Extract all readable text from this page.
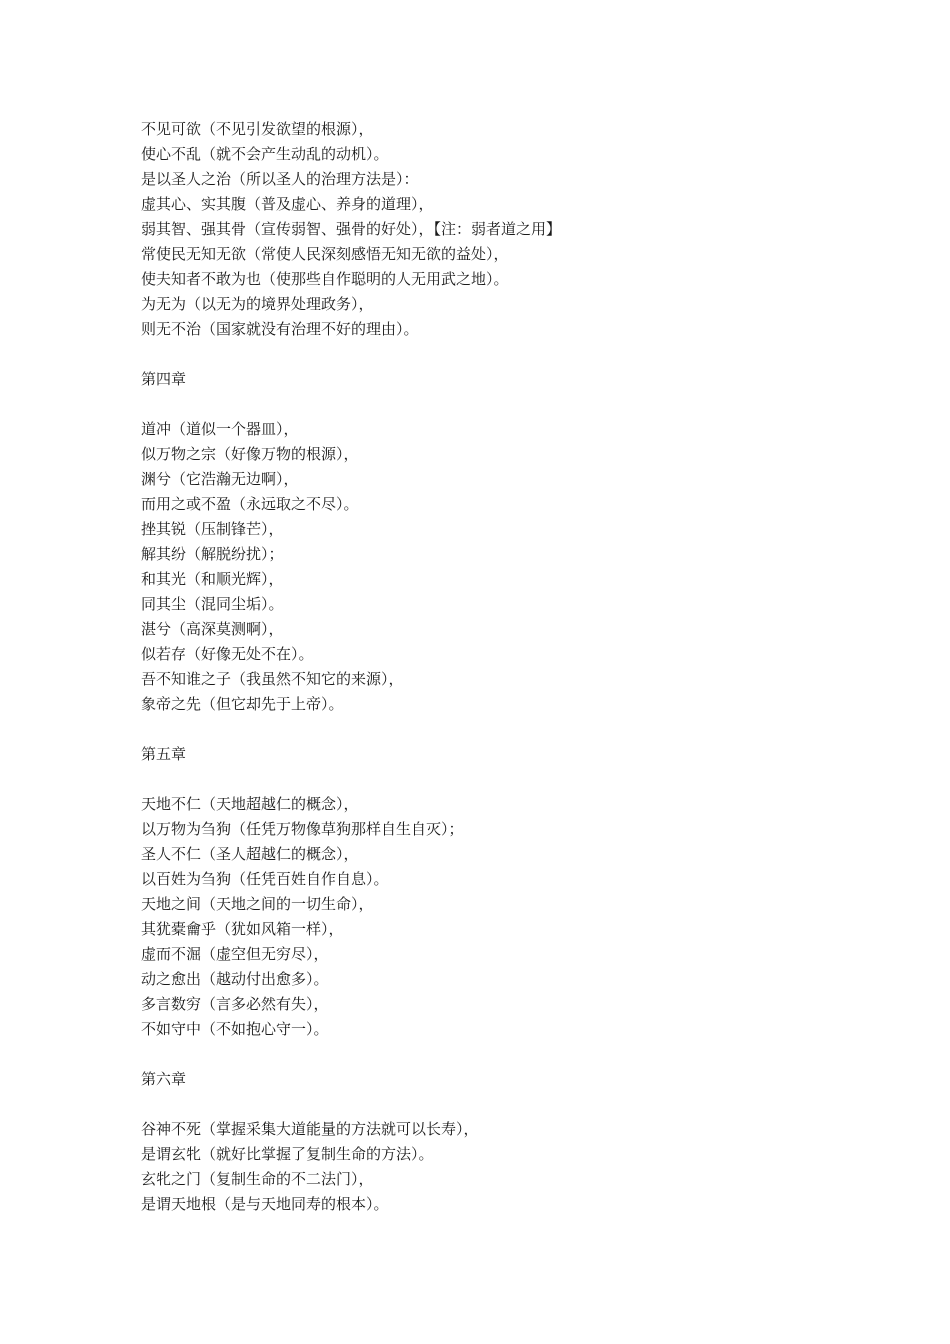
不见可欲（不见引发欲望的根源），
使心不乱（就不会产生动乱的动机）。
是以圣人之治（所以圣人的治理方法是）：
虚其心、实其腹（普及虚心、养身的道理），
弱其智、强其骨（宣传弱智、强骨的好处），【注：弱者道之用】
常使民无知无欲（常使人民深刻感悟无知无欲的益处），
使夫知者不敢为也（使那些自作聪明的人无用武之地）。
为无为（以无为的境界处理政务），
则无不治（国家就没有治理不好的理由）。
第四章
道冲（道似一个器皿），
似万物之宗（好像万物的根源），
渊兮（它浩瀚无边啊），
而用之或不盈（永远取之不尽）。
挫其锐（压制锋芒），
解其纷（解脱纷扰）；
和其光（和顺光辉），
同其尘（混同尘垢）。
湛兮（高深莫测啊），
似若存（好像无处不在）。
吾不知谁之子（我虽然不知它的来源），
象帝之先（但它却先于上帝）。
第五章
天地不仁（天地超越仁的概念），
以万物为刍狗（任凭万物像草狗那样自生自灭）；
圣人不仁（圣人超越仁的概念），
以百姓为刍狗（任凭百姓自作自息）。
天地之间（天地之间的一切生命），
其犹橐龠乎（犹如风箱一样），
虚而不淈（虚空但无穷尽），
动之愈出（越动付出愈多）。
多言数穷（言多必然有失），
不如守中（不如抱心守一）。
第六章
谷神不死（掌握采集大道能量的方法就可以长寿），
是谓玄牝（就好比掌握了复制生命的方法）。
玄牝之门（复制生命的不二法门），
是谓天地根（是与天地同寿的根本）。
